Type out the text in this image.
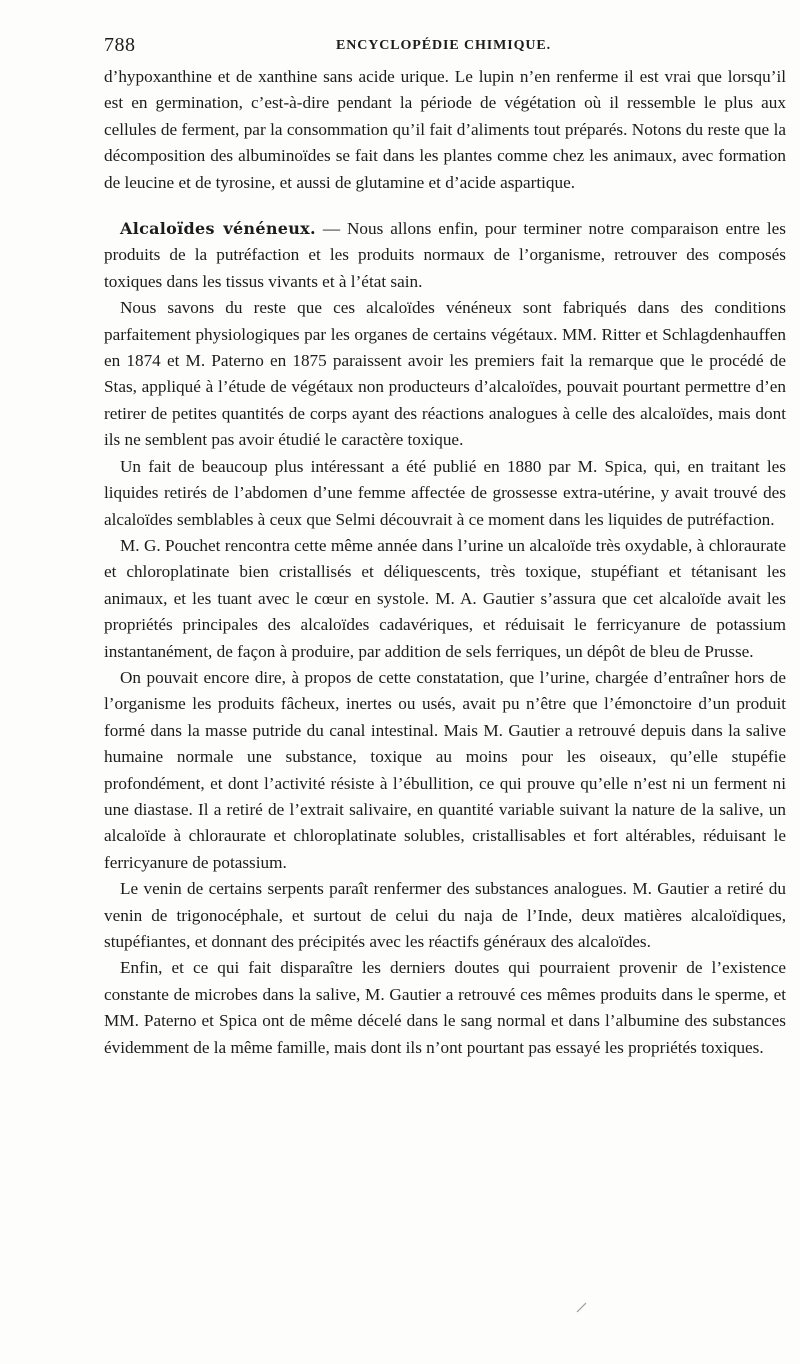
788	ENCYCLOPÉDIE CHIMIQUE.

d’hypoxanthine et de xanthine sans acide urique. Le lupin n’en renferme il est vrai que lorsqu’il est en germination, c’est-à-dire pendant la période de végétation où il ressemble le plus aux cellules de ferment, par la consommation qu’il fait d’aliments tout préparés. Notons du reste que la décomposition des albuminoïdes se fait dans les plantes comme chez les animaux, avec formation de leucine et de tyrosine, et aussi de glutamine et d’acide aspartique.

Alcaloïdes vénéneux. — Nous allons enfin, pour terminer notre comparaison entre les produits de la putréfaction et les produits normaux de l’organisme, retrouver des composés toxiques dans les tissus vivants et à l’état sain.

Nous savons du reste que ces alcaloïdes vénéneux sont fabriqués dans des conditions parfaitement physiologiques par les organes de certains végétaux. MM. Ritter et Schlagdenhauffen en 1874 et M. Paterno en 1875 paraissent avoir les premiers fait la remarque que le procédé de Stas, appliqué à l’étude de végétaux non producteurs d’alcaloïdes, pouvait pourtant permettre d’en retirer de petites quantités de corps ayant des réactions analogues à celle des alcaloïdes, mais dont ils ne semblent pas avoir étudié le caractère toxique.

Un fait de beaucoup plus intéressant a été publié en 1880 par M. Spica, qui, en traitant les liquides retirés de l’abdomen d’une femme affectée de grossesse extra-utérine, y avait trouvé des alcaloïdes semblables à ceux que Selmi découvrait à ce moment dans les liquides de putréfaction.

M. G. Pouchet rencontra cette même année dans l’urine un alcaloïde très oxydable, à chloraurate et chloroplatinate bien cristallisés et déliquescents, très toxique, stupéfiant et tétanisant les animaux, et les tuant avec le cœur en systole. M. A. Gautier s’assura que cet alcaloïde avait les propriétés principales des alcaloïdes cadavériques, et réduisait le ferricyanure de potassium instantanément, de façon à produire, par addition de sels ferriques, un dépôt de bleu de Prusse.

On pouvait encore dire, à propos de cette constatation, que l’urine, chargée d’entraîner hors de l’organisme les produits fâcheux, inertes ou usés, avait pu n’être que l’émonctoire d’un produit formé dans la masse putride du canal intestinal. Mais M. Gautier a retrouvé depuis dans la salive humaine normale une substance, toxique au moins pour les oiseaux, qu’elle stupéfie profondément, et dont l’activité résiste à l’ébullition, ce qui prouve qu’elle n’est ni un ferment ni une diastase. Il a retiré de l’extrait salivaire, en quantité variable suivant la nature de la salive, un alcaloïde à chloraurate et chloroplatinate solubles, cristallisables et fort altérables, réduisant le ferricyanure de potassium.

Le venin de certains serpents paraît renfermer des substances analogues. M. Gautier a retiré du venin de trigonocéphale, et surtout de celui du naja de l’Inde, deux matières alcaloïdiques, stupéfiantes, et donnant des précipités avec les réactifs généraux des alcaloïdes.

Enfin, et ce qui fait disparaître les derniers doutes qui pourraient provenir de l’existence constante de microbes dans la salive, M. Gautier a retrouvé ces mêmes produits dans le sperme, et MM. Paterno et Spica ont de même décelé dans le sang normal et dans l’albumine des substances évidemment de la même famille, mais dont ils n’ont pourtant pas essayé les propriétés toxiques.
